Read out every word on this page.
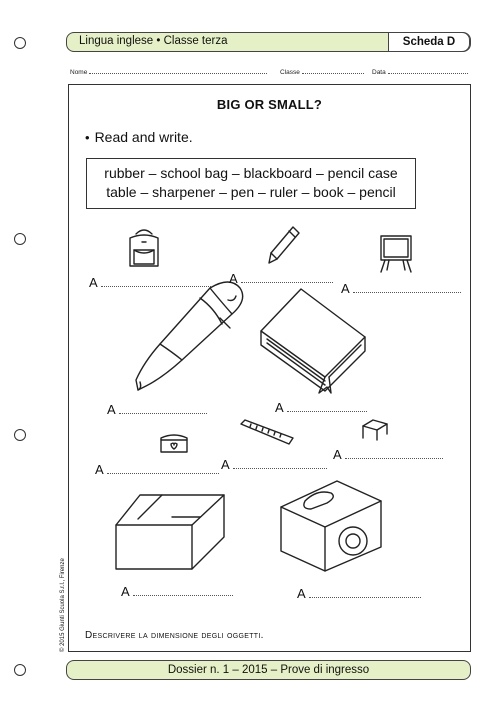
Lingua inglese • Classe terza	Scheda D
Nome	Classe	Data
BIG OR SMALL?
• Read and write.
rubber – school bag – blackboard – pencil case
table – sharpener – pen – ruler – book – pencil
A	A
A
A	A
A	A
A
A	A
Descrivere la dimensione degli oggetti.
© 2015 Giunti Scuola S.r.l., Firenze
Dossier n. 1 – 2015 – Prove di ingresso
